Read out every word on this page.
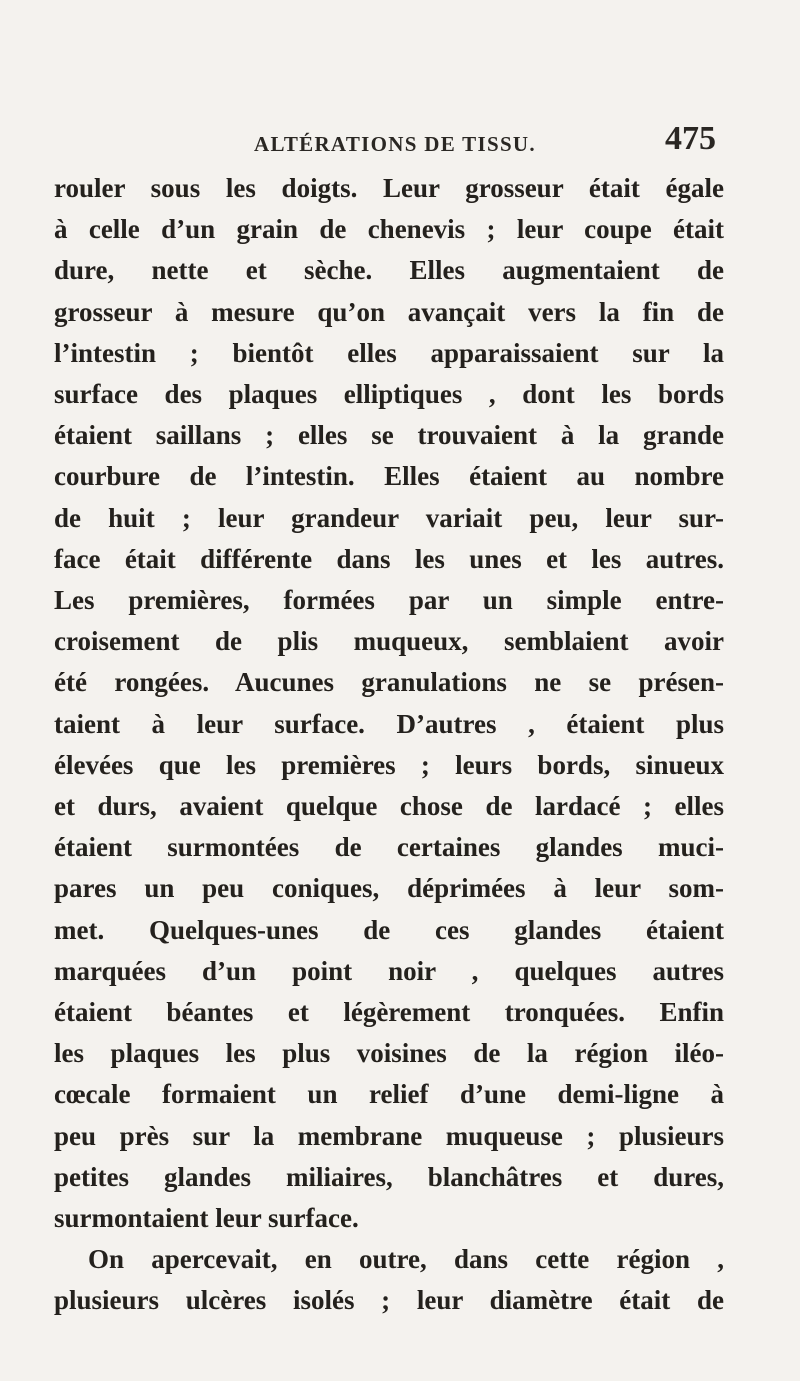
ALTÉRATIONS DE TISSU.	475
rouler sous les doigts. Leur grosseur était égale
à celle d’un grain de chenevis ; leur coupe était
dure, nette et sèche. Elles augmentaient de
grosseur à mesure qu’on avançait vers la fin de
l’intestin ; bientôt elles apparaissaient sur la
surface des plaques elliptiques , dont les bords
étaient saillans ; elles se trouvaient à la grande
courbure de l’intestin. Elles étaient au nombre
de huit ; leur grandeur variait peu, leur sur-
face était différente dans les unes et les autres.
Les premières, formées par un simple entre-
croisement de plis muqueux, semblaient avoir
été rongées. Aucunes granulations ne se présen-
taient à leur surface. D’autres , étaient plus
élevées que les premières ; leurs bords, sinueux
et durs, avaient quelque chose de lardacé ; elles
étaient surmontées de certaines glandes muci-
pares un peu coniques, déprimées à leur som-
met. Quelques-unes de ces glandes étaient
marquées d’un point noir , quelques autres
étaient béantes et légèrement tronquées. Enfin
les plaques les plus voisines de la région iléo-
cœcale formaient un relief d’une demi-ligne à
peu près sur la membrane muqueuse ; plusieurs
petites glandes miliaires, blanchâtres et dures,
surmontaient leur surface.
On apercevait, en outre, dans cette région ,
plusieurs ulcères isolés ; leur diamètre était de
